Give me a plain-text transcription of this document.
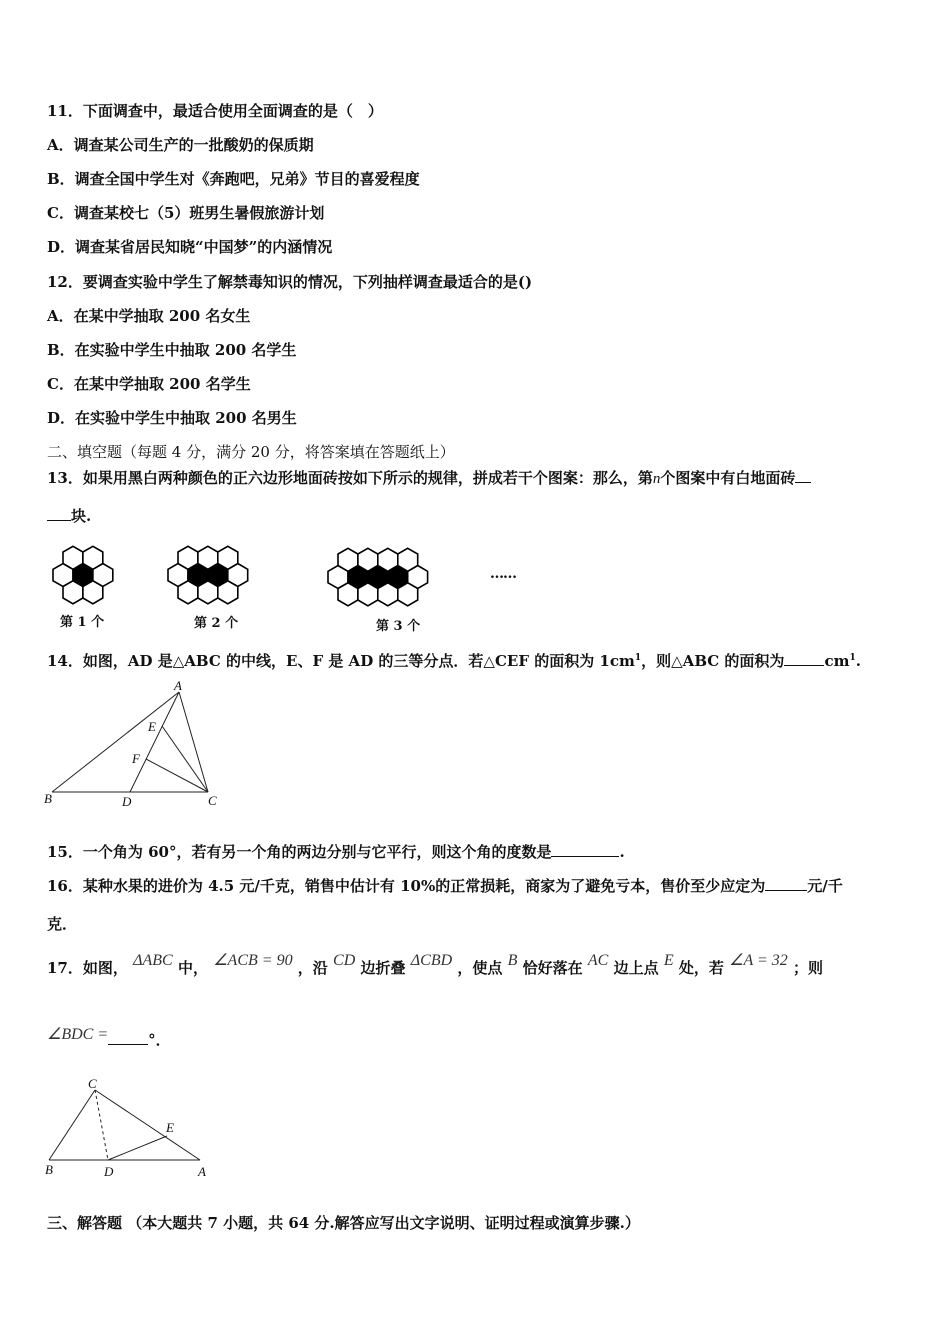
11．下面调查中，最适合使用全面调查的是（　）
A．调查某公司生产的一批酸奶的保质期
B．调查全国中学生对《奔跑吧，兄弟》节目的喜爱程度
C．调查某校七（5）班男生暑假旅游计划
D．调查某省居民知晓“中国梦”的内涵情况
12．要调查实验中学生了解禁毒知识的情况，下列抽样调查最适合的是()
A．在某中学抽取 200 名女生
B．在实验中学生中抽取 200 名学生
C．在某中学抽取 200 名学生
D．在实验中学生中抽取 200 名男生
二、填空题（每题 4 分，满分 20 分，将答案填在答题纸上）
13．如果用黑白两种颜色的正六边形地面砖按如下所示的规律，拼成若干个图案：那么，第n个图案中有白地面砖
块.
第 1 个	第 2 个	第 3 个
……
14．如图，AD 是△ABC 的中线，E、F 是 AD 的三等分点．若△CEF 的面积为 $1cm^1$，则△ABC 的面积为	$cm^1$.
A
E
F
B	D	C
15．一个角为 60°，若有另一个角的两边分别与它平行，则这个角的度数是	.
16．某种水果的进价为 4.5 元/千克，销售中估计有 10%的正常损耗，商家为了避免亏本，售价至少应定为	元/千
克．
17．如图， ΔABC 中， ∠ACB = 90 ，沿 CD 边折叠 ΔCBD ，使点 B 恰好落在 AC 边上点 E 处，若 ∠A = 32 ；则
∠BDC =	°．
C
E
B	D	A
三、解答题 （本大题共 7 小题，共 64 分.解答应写出文字说明、证明过程或演算步骤.）
